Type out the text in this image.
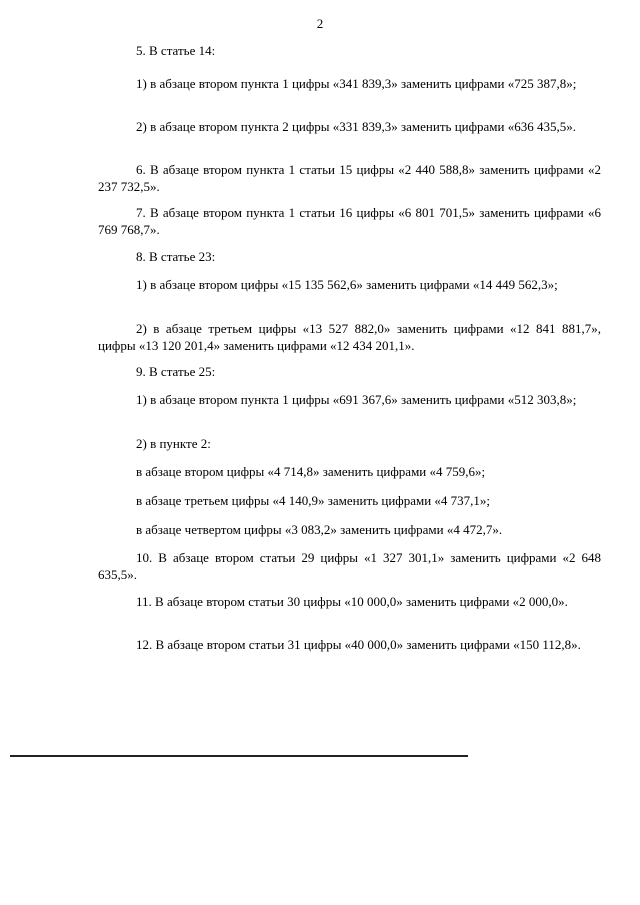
2

5. В статье 14:

1) в абзаце втором пункта 1 цифры «341 839,3» заменить цифрами «725 387,8»;

2) в абзаце втором пункта 2 цифры «331 839,3» заменить цифрами «636 435,5».

6. В абзаце втором пункта 1 статьи 15 цифры «2 440 588,8» заменить цифрами «2 237 732,5».

7. В абзаце втором пункта 1 статьи 16 цифры «6 801 701,5» заменить цифрами «6 769 768,7».

8. В статье 23:

1) в абзаце втором цифры «15 135 562,6» заменить цифрами «14 449 562,3»;

2) в абзаце третьем цифры «13 527 882,0» заменить цифрами «12 841 881,7», цифры «13 120 201,4» заменить цифрами «12 434 201,1».

9. В статье 25:

1) в абзаце втором пункта 1 цифры «691 367,6» заменить цифрами «512 303,8»;

2) в пункте 2:

в абзаце втором цифры «4 714,8» заменить цифрами «4 759,6»;

в абзаце третьем цифры «4 140,9» заменить цифрами «4 737,1»;

в абзаце четвертом цифры «3 083,2» заменить цифрами «4 472,7».

10. В абзаце втором статьи 29 цифры «1 327 301,1» заменить цифрами «2 648 635,5».

11. В абзаце втором статьи 30 цифры «10 000,0» заменить цифрами «2 000,0».

12. В абзаце втором статьи 31 цифры «40 000,0» заменить цифрами «150 112,8».
